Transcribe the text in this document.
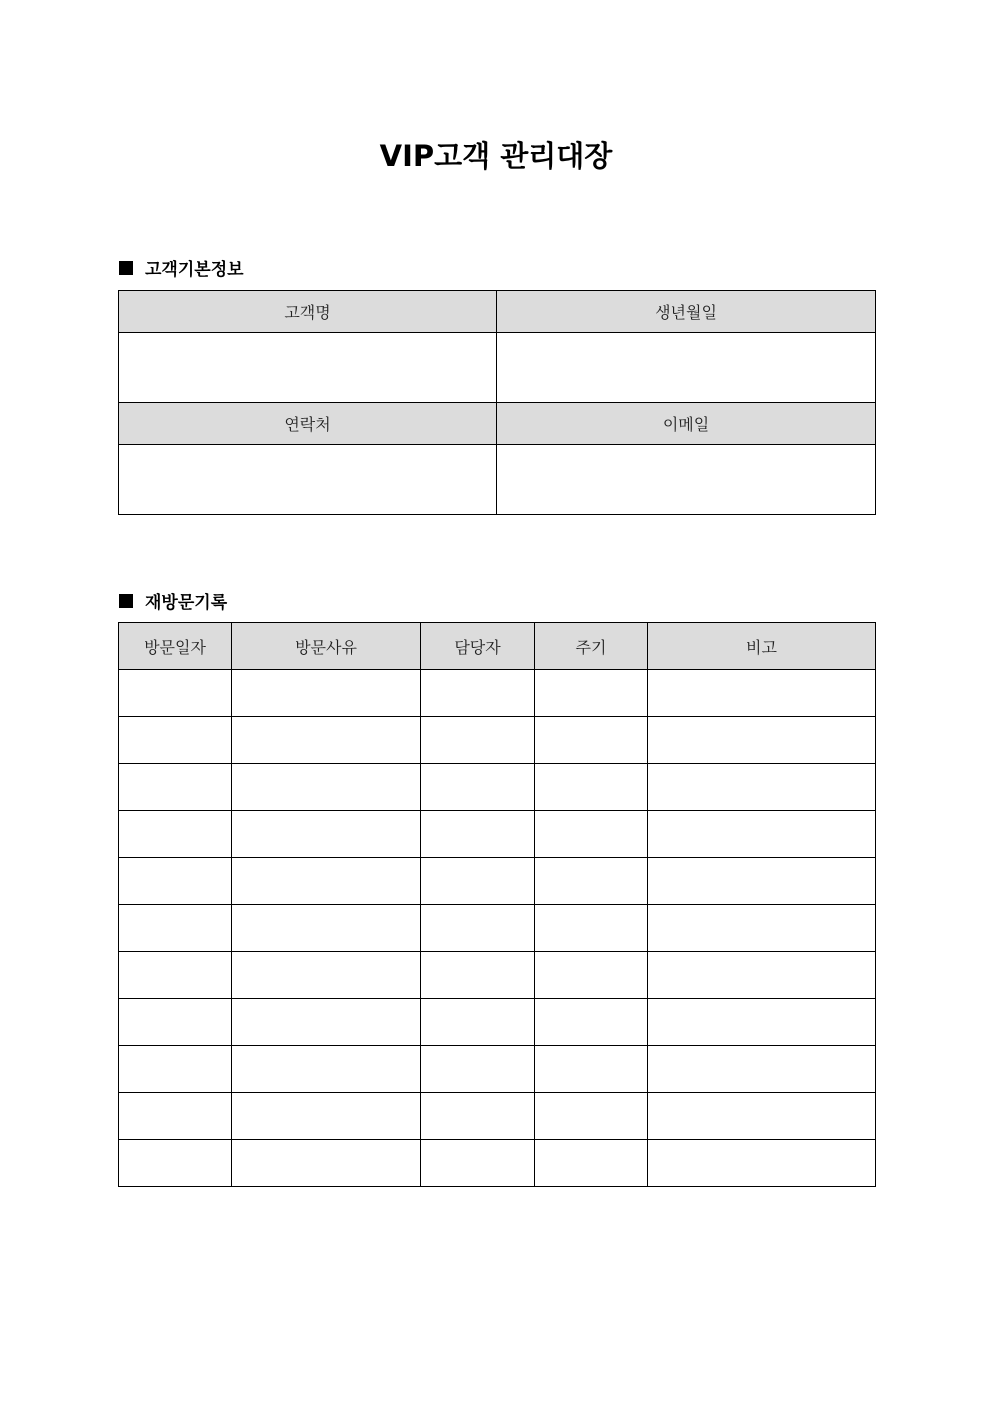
VIP고객 관리대장
고객기본정보
고객명	생년월일

연락처	이메일

재방문기록
방문일자	방문사유	담당자	주기	비고
